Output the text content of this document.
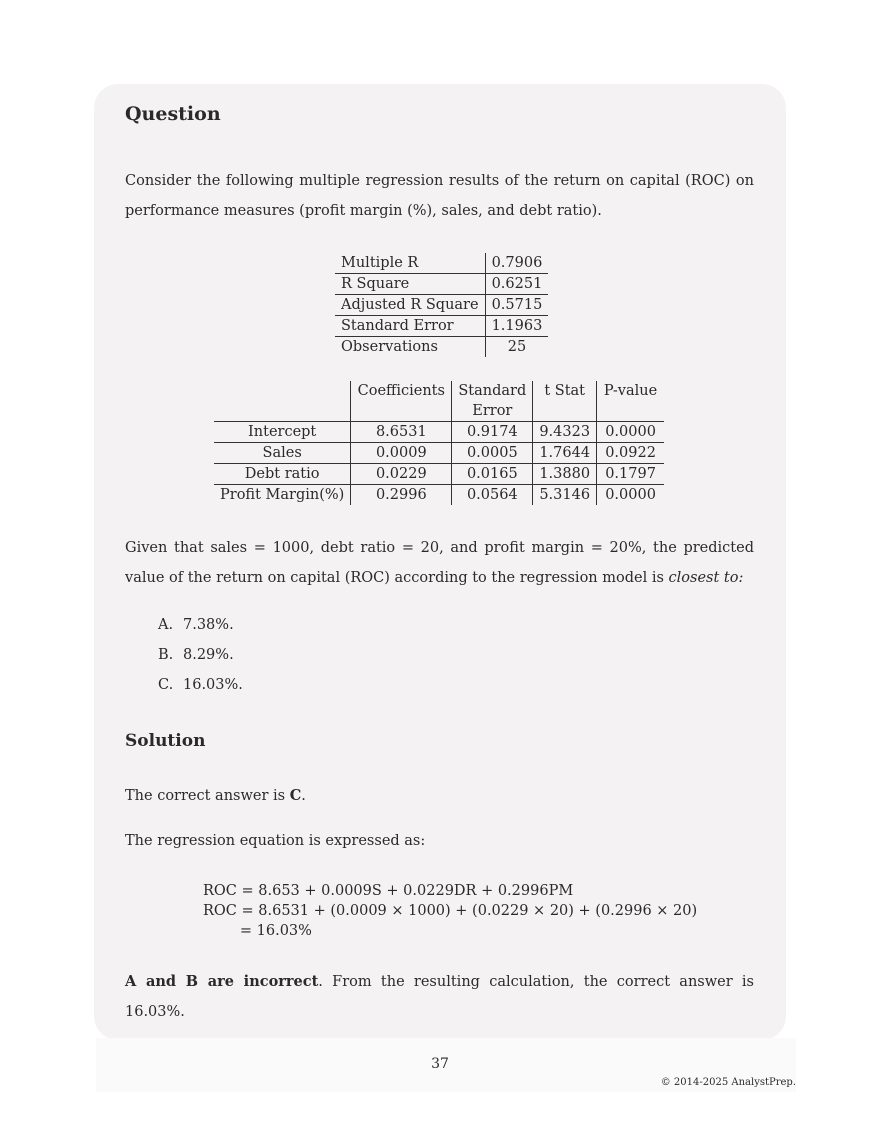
Question
Consider the following multiple regression results of the return on capital (ROC) on performance measures (profit margin (%), sales, and debt ratio).
Multiple R	0.7906
R Square	0.6251
Adjusted R Square	0.5715
Standard Error	1.1963
Observations	25
	Coefficients	Standard Error	t Stat	P-value
Intercept	8.6531	0.9174	9.4323	0.0000
Sales	0.0009	0.0005	1.7644	0.0922
Debt ratio	0.0229	0.0165	1.3880	0.1797
Profit Margin(%)	0.2996	0.0564	5.3146	0.0000
Given that sales = 1000, debt ratio = 20, and profit margin = 20%, the predicted value of the return on capital (ROC) according to the regression model is closest to:
A. 7.38%.
B. 8.29%.
C. 16.03%.
Solution
The correct answer is C.
The regression equation is expressed as:
ROC = 8.653 + 0.0009S + 0.0229DR + 0.2996PM
ROC = 8.6531 + (0.0009 × 1000) + (0.0229 × 20) + (0.2996 × 20)
= 16.03%
A and B are incorrect. From the resulting calculation, the correct answer is 16.03%.
37
© 2014-2025 AnalystPrep.
